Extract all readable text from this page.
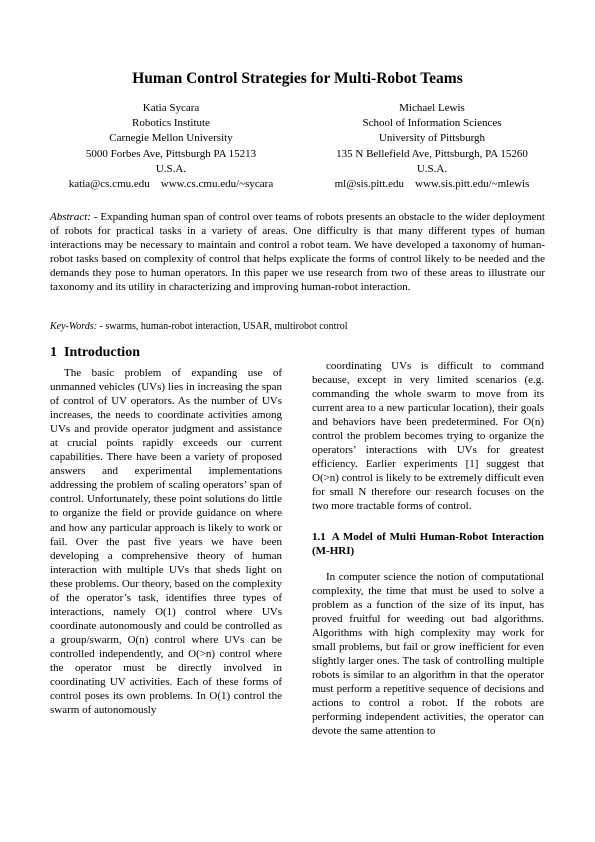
Human Control Strategies for Multi-Robot Teams
Katia Sycara
Robotics Institute
Carnegie Mellon University
5000 Forbes Ave, Pittsburgh PA 15213
U.S.A.
katia@cs.cmu.edu    www.cs.cmu.edu/~sycara
Michael Lewis
School of Information Sciences
University of Pittsburgh
135 N Bellefield Ave, Pittsburgh, PA 15260
U.S.A.
ml@sis.pitt.edu    www.sis.pitt.edu/~mlewis

Abstract: - Expanding human span of control over teams of robots presents an obstacle to the wider deployment of robots for practical tasks in a variety of areas. One difficulty is that many different types of human interactions may be necessary to maintain and control a robot team. We have developed a taxonomy of human-robot tasks based on complexity of control that helps explicate the forms of control likely to be needed and the demands they pose to human operators. In this paper we use research from two of these areas to illustrate our taxonomy and its utility in characterizing and improving human-robot interaction.

Key-Words: - swarms, human-robot interaction, USAR, multirobot control

1 Introduction

The basic problem of expanding use of unmanned vehicles (UVs) lies in increasing the span of control of UV operators. As the number of UVs increases, the needs to coordinate activities among UVs and provide operator judgment and assistance at crucial points rapidly exceeds our current capabilities. There have been a variety of proposed answers and experimental implementations addressing the problem of scaling operators’ span of control. Unfortunately, these point solutions do little to organize the field or provide guidance on where and how any particular approach is likely to work or fail. Over the past five years we have been developing a comprehensive theory of human interaction with multiple UVs that sheds light on these problems. Our theory, based on the complexity of the operator’s task, identifies three types of interactions, namely O(1) control where UVs coordinate autonomously and could be controlled as a group/swarm, O(n) control where UVs can be controlled independently, and O(>n) control where the operator must be directly involved in coordinating UV activities. Each of these forms of control poses its own problems. In O(1) control the swarm of autonomously

coordinating UVs is difficult to command because, except in very limited scenarios (e.g. commanding the whole swarm to move from its current area to a new particular location), their goals and behaviors have been predetermined. For O(n) control the problem becomes trying to organize the operators’ interactions with UVs for greatest efficiency. Earlier experiments [1] suggest that O(>n) control is likely to be extremely difficult even for small N therefore our research focuses on the two more tractable forms of control.

1.1 A Model of Multi Human-Robot Interaction (M-HRI)

In computer science the notion of computational complexity, the time that must be used to solve a problem as a function of the size of its input, has proved fruitful for weeding out bad algorithms. Algorithms with high complexity may work for small problems, but fail or grow inefficient for even slightly larger ones. The task of controlling multiple robots is similar to an algorithm in that the operator must perform a repetitive sequence of decisions and actions to control a robot. If the robots are performing independent activities, the operator can devote the same attention to
